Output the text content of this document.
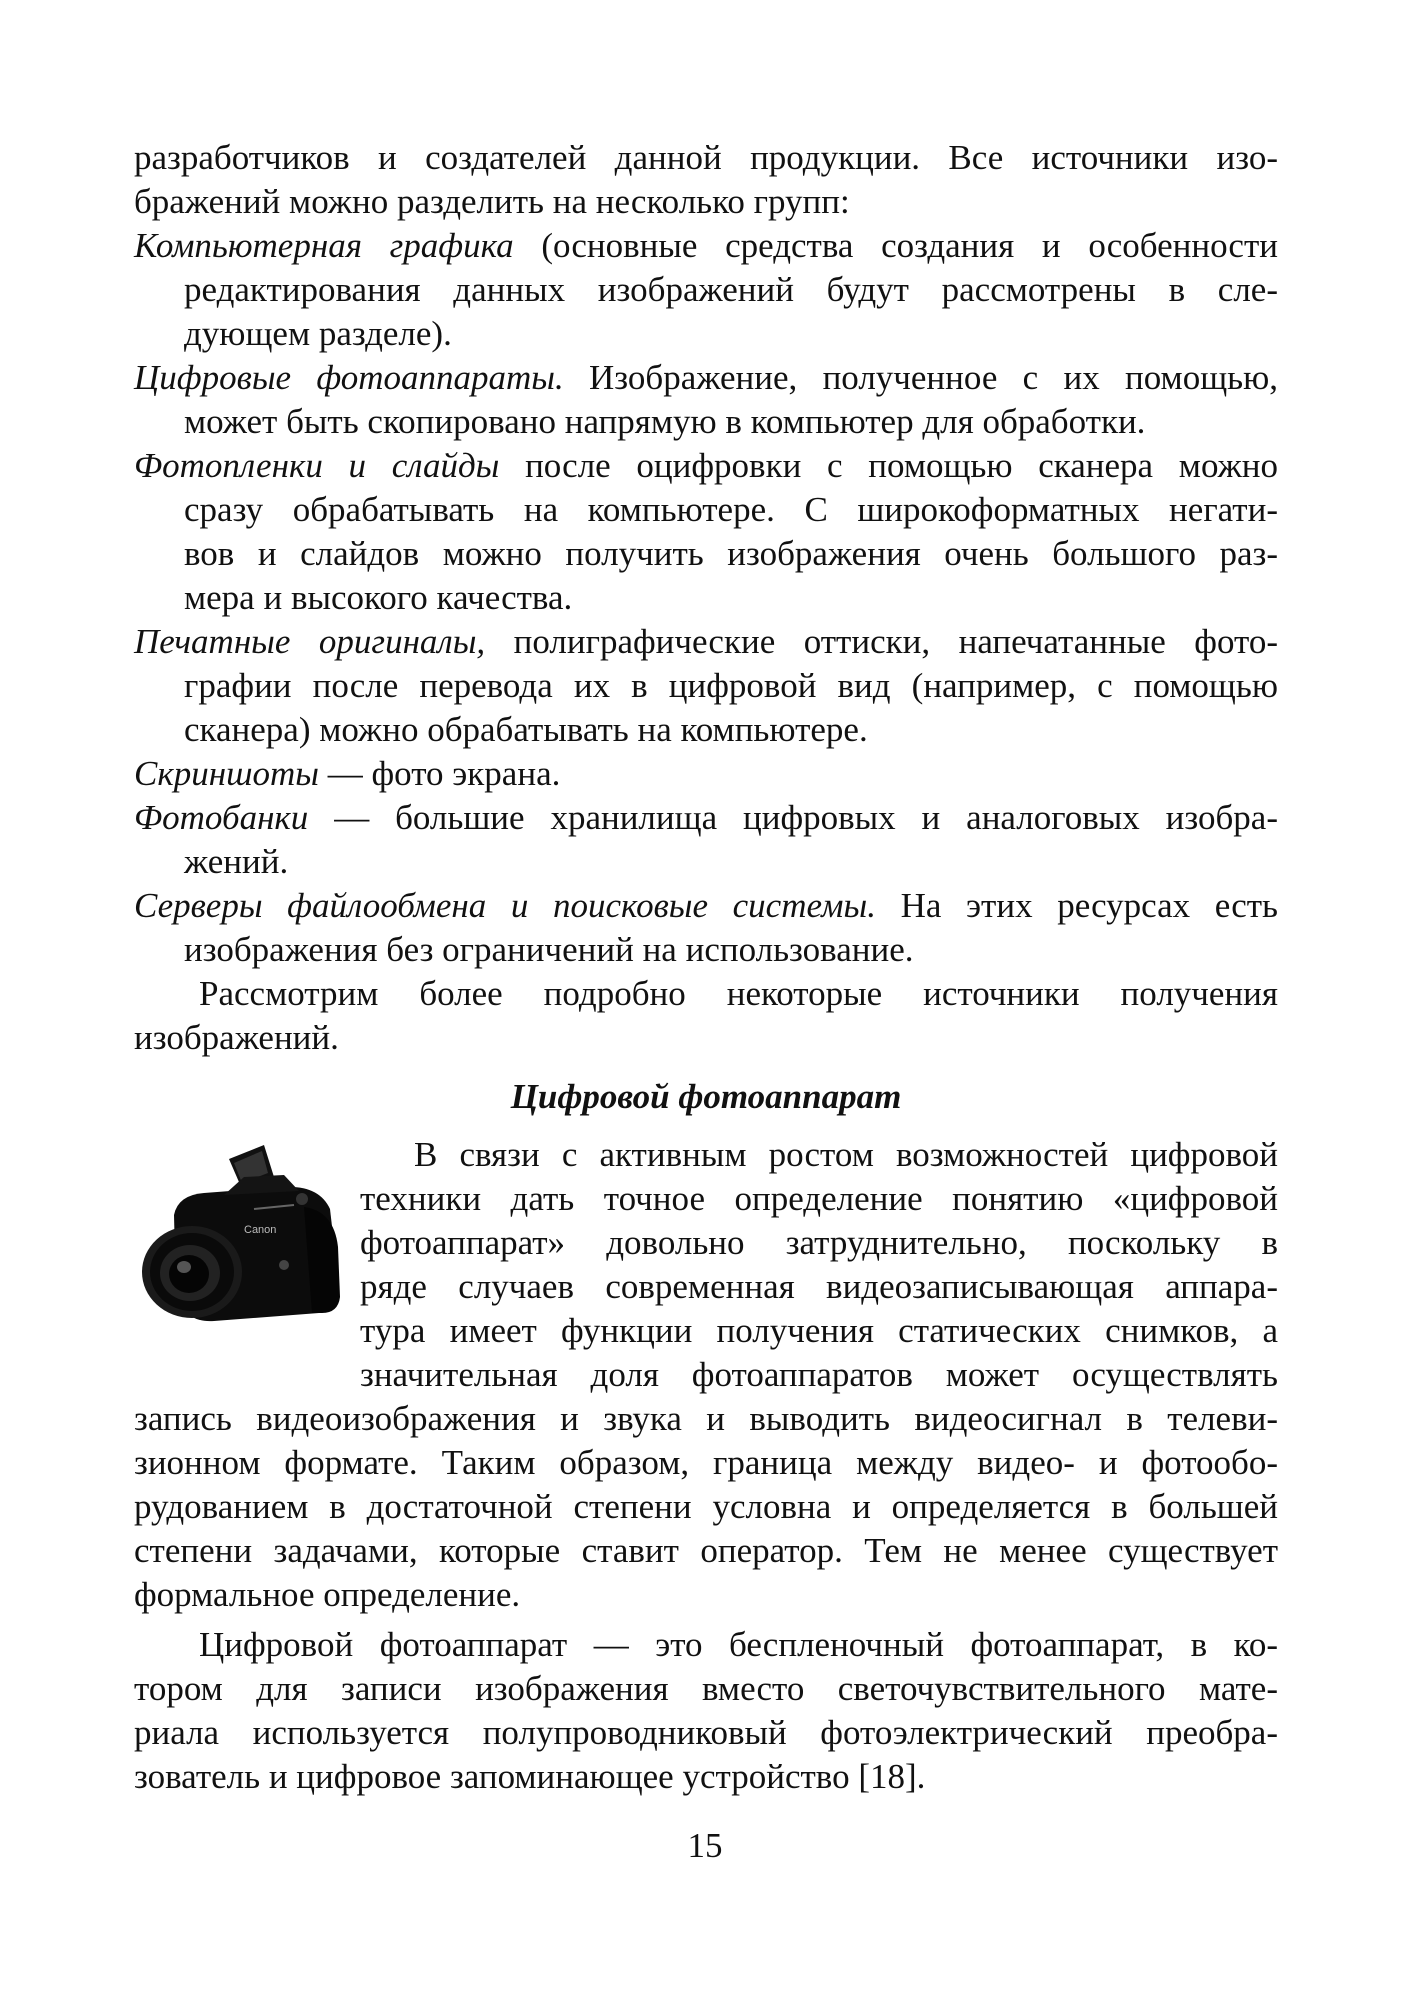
разработчиков и создателей данной продукции. Все источники изо-
бражений можно разделить на несколько групп:
Компьютерная графика (основные средства создания и особенности
редактирования данных изображений будут рассмотрены в сле-
дующем разделе).
Цифровые фотоаппараты. Изображение, полученное с их помощью,
может быть скопировано напрямую в компьютер для обработки.
Фотопленки и слайды после оцифровки с помощью сканера можно
сразу обрабатывать на компьютере. С широкоформатных негати-
вов и слайдов можно получить изображения очень большого раз-
мера и высокого качества.
Печатные оригиналы, полиграфические оттиски, напечатанные фото-
графии после перевода их в цифровой вид (например, с помощью
сканера) можно обрабатывать на компьютере.
Скриншоты — фото экрана.
Фотобанки — большие хранилища цифровых и аналоговых изобра-
жений.
Серверы файлообмена и поисковые системы. На этих ресурсах есть
изображения без ограничений на использование.
Рассмотрим более подробно некоторые источники получения
изображений.
Цифровой фотоаппарат
Canon
В связи с активным ростом возможностей цифровой
техники дать точное определение понятию «цифровой
фотоаппарат» довольно затруднительно, поскольку в
ряде случаев современная видеозаписывающая аппара-
тура имеет функции получения статических снимков, а
значительная доля фотоаппаратов может осуществлять
запись видеоизображения и звука и выводить видеосигнал в телеви-
зионном формате. Таким образом, граница между видео- и фотообо-
рудованием в достаточной степени условна и определяется в большей
степени задачами, которые ставит оператор. Тем не менее существует
формальное определение.
Цифровой фотоаппарат — это беспленочный фотоаппарат, в ко-
тором для записи изображения вместо светочувствительного мате-
риала используется полупроводниковый фотоэлектрический преобра-
зователь и цифровое запоминающее устройство [18].
15
